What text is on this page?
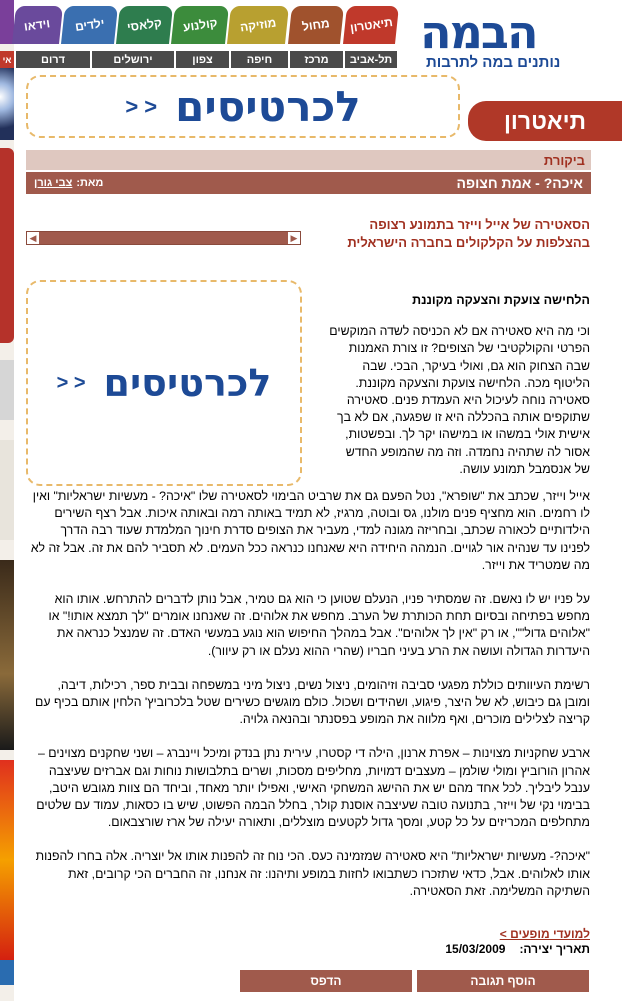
תיאטרון
מחול
מוזיקה
קולנוע
קלאסי
ילדים
וידאו
תל-אביב
מרכז
חיפה
צפון
ירושלים
דרום
אי
הבמה
נותנים במה לתרבות
תיאטרון
לכרטיסים
< <
ביקורת
איכה? - אמת חצופה
מאת:
צבי גורן
הסאטירה של אייל וייזר בתמונע רצופה בהצלפות על הקלקולים בחברה הישראלית
▶
◀
לכרטיסים
< <
הלחישה צועקת והצעקה מקוננת
וכי מה היא סאטירה אם לא הכניסה לשדה המוקשים הפרטי והקולקטיבי של הצופים? זו צורת האמנות שבה הצחוק הוא גם, ואולי בעיקר, הבכי. שבה הליטוף מכה. הלחישה צועקת והצעקה מקוננת. סאטירה נוחה לעיכול היא העמדת פנים. סאטירה שתוקפים אותה בהכללה היא זו שפגעה, אם לא בך אישית אולי במשהו או במישהו יקר לך. ובפשטות, אסור לה שתהיה נחמדה. וזה מה שהמופע החדש של אנסמבל תמונע עושה.
אייל וייזר, שכתב את "שופרא", נטל הפעם גם את שרביט הבימוי לסאטירה שלו "איכה? - מעשיות ישראליות" ואין לו רחמים. הוא מחציף פנים מולנו, גס ובוטה, מרגיז, לא תמיד באותה רמה ובאותה איכות. אבל רצף השירים הילדותיים לכאורה שכתב, ובחריזה מגונה למדי, מעביר את הצופים סדרת חינוך המלמדת שעוד רבה הדרך לפנינו עד שנהיה אור לגויים. הנמהה היחידה היא שאנחנו כנראה ככל העמים. לא תסביר להם את זה. אבל זה לא מה שמטריד את וייזר.
על פניו יש לו נאשם. זה שמסתיר פניו, הנעלם שטוען כי הוא גם טמיר, אבל נותן לדברים להתרחש. אותו הוא מחפש בפתיחה ובסיום תחת הכותרת של הערב. מחפש את אלוהים. זה שאנחנו אומרים "לך תמצא אותו!" או "אלוהים גדול"", או רק "אין לך אלוהים". אבל במהלך החיפוש הוא נוגע במעשי האדם. זה שמנצל כנראה את היעדרות הגדולה ועושה את הרע בעיני חבריו (שהרי ההוא נעלם או רק עיוור).
רשימת העיוותים כוללת מפגעי סביבה וזיהומים, ניצול נשים, ניצול מיני במשפחה ובבית ספר, רכילות, דיבה, ומובן גם כיבוש, לא של היצר, פיגוע, ושהידים ושכול. כולם מוגשים כשירים שטל בלכרוביץ' הלחין אותם בכיף עם קריצה לצלילים מוכרים, ואף מלווה את המופע בפסנתר ובהנאה גלויה.
ארבע שחקניות מצוינות – אפרת ארנון, הילה די קסטרו, עירית נתן בנדק ומיכל ויינברג – ושני שחקנים מצוינים – אהרון הורוביץ ומולי שולמן – מעצבים דמויות, מחליפים מסכות, ושרים בתלבושות נוחות וגם אברזים שעיצבה ענבל ליבליך. לכל אחד מהם יש את ההישג המשחקי האישי, ואפילו יותר מאחד, וביחד הם צוות מגובש היטב, בבימוי נקי של וייזר, בתנועה טובה שעיצבה אוסנת קולר, בחלל הבמה הפשוט, שיש בו כסאות, עמוד עם שלטים מתחלפים המכריזים על כל קטע, ומסך גדול לקטעים מוצללים, ותאורה יעילה של ארז שורצבאום.
"איכה?- מעשיות ישראליות" היא סאטירה שמזמינה כעס. הכי נוח זה להפנות אותו אל יוצריה. אלה בחרו להפנות אותו לאלוהים. אבל, כדאי שתזכרו כשתבואו לחזות במופע ותיהנו: זה אנחנו, זה החברים הכי קרובים, זאת השתיקה המשלימה. זאת הסאטירה.
למועדי מופעים >
תאריך יצירה:
15/03/2009
הוסף תגובה
הדפס
